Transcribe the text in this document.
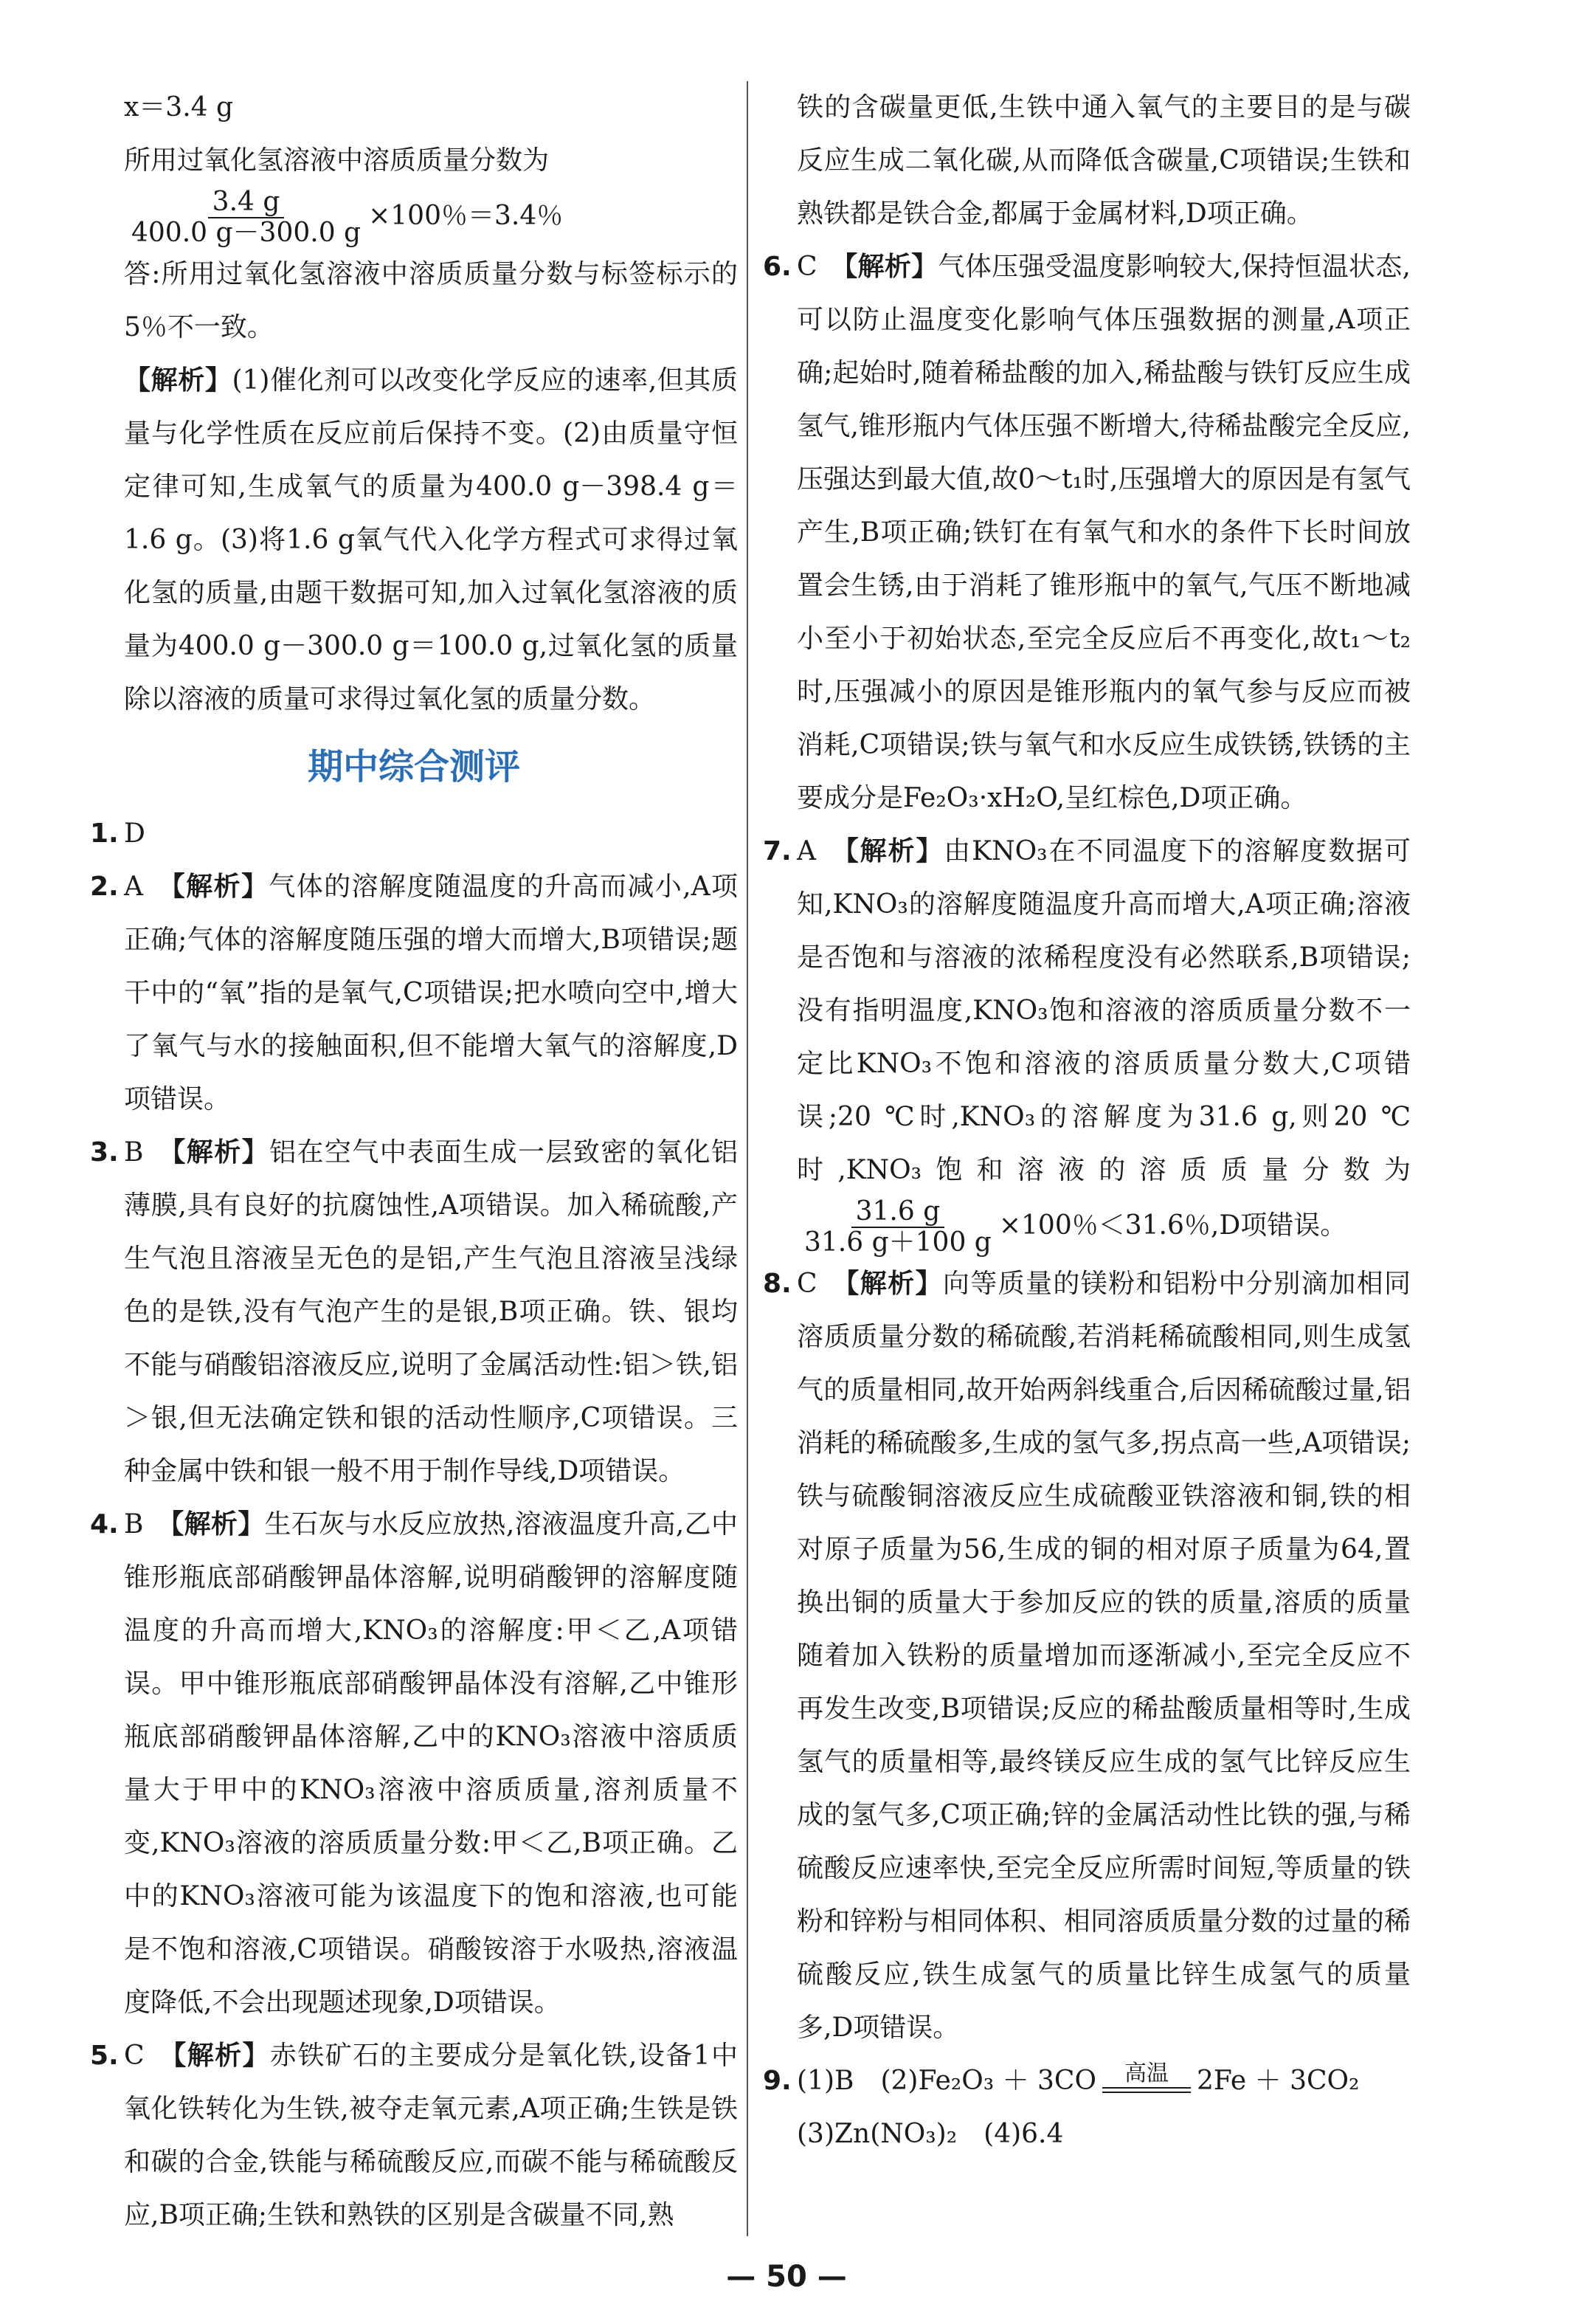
x＝3.4 g

所用过氧化氢溶液中溶质质量分数为

$\frac{3.4 g}{400.0 g-300.0 g} \times 100$％＝3.4％

答:所用过氧化氢溶液中溶质质量分数与标签标示的5％不一致。

【解析】(1)催化剂可以改变化学反应的速率,但其质量与化学性质在反应前后保持不变。(2)由质量守恒定律可知,生成氧气的质量为400.0 g－398.4 g＝1.6 g。(3)将1.6 g氧气代入化学方程式可求得过氧化氢的质量,由题干数据可知,加入过氧化氢溶液的质量为400.0 g－300.0 g＝100.0 g,过氧化氢的质量除以溶液的质量可求得过氧化氢的质量分数。

期中综合测评
1. D
2. A　 【解析】气体的溶解度随温度的升高而减小,A项正确;气体的溶解度随压强的增大而增大,B项错误;题干中的“氧”指的是氧气,C项错误;把水喷向空中,增大了氧气与水的接触面积,但不能增大氧气的溶解度,D项错误。
3. B　 【解析】铝在空气中表面生成一层致密的氧化铝薄膜,具有良好的抗腐蚀性,A项错误。加入稀硫酸,产生气泡且溶液呈无色的是铝,产生气泡且溶液呈浅绿色的是铁,没有气泡产生的是银,B项正确。铁、银均不能与硝酸铝溶液反应,说明了金属活动性:铝＞铁,铝＞银,但无法确定铁和银的活动性顺序,C项错误。三种金属中铁和银一般不用于制作导线,D项错误。
4. B　 【解析】生石灰与水反应放热,溶液温度升高,乙中锥形瓶底部硝酸钾晶体溶解,说明硝酸钾的溶解度随温度的升高而增大,KNO₃的溶解度:甲＜乙,A项错误。甲中锥形瓶底部硝酸钾晶体没有溶解,乙中锥形瓶底部硝酸钾晶体溶解,乙中的KNO₃溶液中溶质质量大于甲中的KNO₃溶液中溶质质量,溶剂质量不变,KNO₃溶液的溶质质量分数:甲＜乙,B项正确。乙中的KNO₃溶液可能为该温度下的饱和溶液,也可能是不饱和溶液,C项错误。硝酸铵溶于水吸热,溶液温度降低,不会出现题述现象,D项错误。
5. C　 【解析】赤铁矿石的主要成分是氧化铁,设备1中氧化铁转化为生铁,被夺走氧元素,A项正确;生铁是铁和碳的合金,铁能与稀硫酸反应,而碳不能与稀硫酸反应,B项正确;生铁和熟铁的区别是含碳量不同,熟

铁的含碳量更低,生铁中通入氧气的主要目的是与碳反应生成二氧化碳,从而降低含碳量,C项错误;生铁和熟铁都是铁合金,都属于金属材料,D项正确。

6. C　 【解析】气体压强受温度影响较大,保持恒温状态,可以防止温度变化影响气体压强数据的测量,A项正确;起始时,随着稀盐酸的加入,稀盐酸与铁钉反应生成氢气,锥形瓶内气体压强不断增大,待稀盐酸完全反应,压强达到最大值,故0～t₁时,压强增大的原因是有氢气产生,B项正确;铁钉在有氧气和水的条件下长时间放置会生锈,由于消耗了锥形瓶中的氧气,气压不断地减小至小于初始状态,至完全反应后不再变化,故t₁～t₂时,压强减小的原因是锥形瓶内的氧气参与反应而被消耗,C项错误;铁与氧气和水反应生成铁锈,铁锈的主要成分是Fe₂O₃·xH₂O,呈红棕色,D项正确。
7. A　 【解析】由KNO₃在不同温度下的溶解度数据可知,KNO₃的溶解度随温度升高而增大,A项正确;溶液是否饱和与溶液的浓稀程度没有必然联系,B项错误;没有指明温度,KNO₃饱和溶液的溶质质量分数不一定比KNO₃不饱和溶液的溶质质量分数大,C项错误;20 ℃时,KNO₃的溶解度为31.6 g,则20 ℃时,KNO₃饱和溶液的溶质质量分数为
$\frac{31.6 g}{31.6 g+100 g} \times 100$％＜31.6％,D项错误。
8. C　 【解析】向等质量的镁粉和铝粉中分别滴加相同溶质质量分数的稀硫酸,若消耗稀硫酸相同,则生成氢气的质量相同,故开始两斜线重合,后因稀硫酸过量,铝消耗的稀硫酸多,生成的氢气多,拐点高一些,A项错误;铁与硫酸铜溶液反应生成硫酸亚铁溶液和铜,铁的相对原子质量为56,生成的铜的相对原子质量为64,置换出铜的质量大于参加反应的铁的质量,溶质的质量随着加入铁粉的质量增加而逐渐减小,至完全反应不再发生改变,B项错误;反应的稀盐酸质量相等时,生成氢气的质量相等,最终镁反应生成的氢气比锌反应生成的氢气多,C项正确;锌的金属活动性比铁的强,与稀硫酸反应速率快,至完全反应所需时间短,等质量的铁粉和锌粉与相同体积、相同溶质质量分数的过量的稀硫酸反应,铁生成氢气的质量比锌生成氢气的质量多,D项错误。
9. (1)B　(2)Fe₂O₃ ＋ 3CO 高温 2Fe ＋ 3CO₂
(3)Zn(NO₃)₂　(4)6.4
— 50 —
